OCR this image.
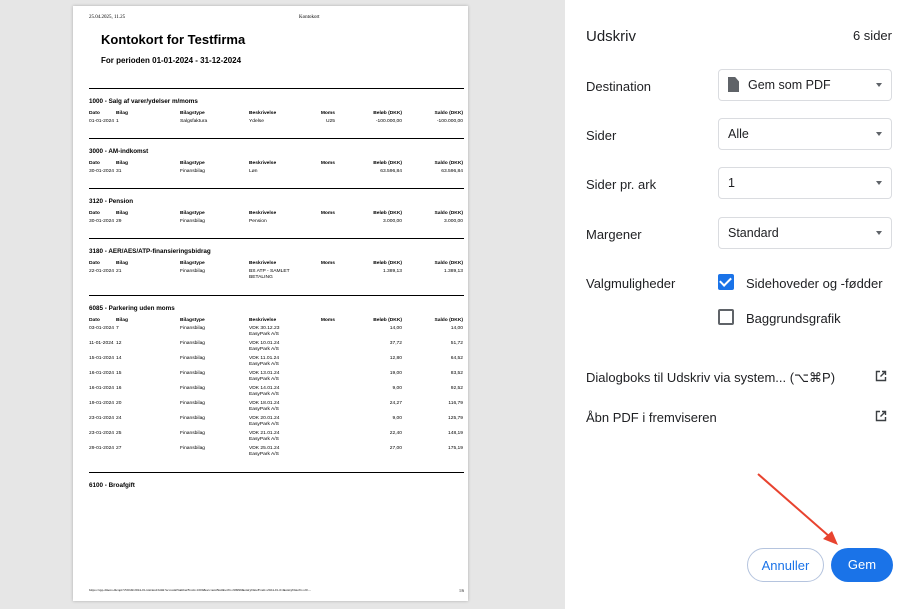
25.04.2025, 11.25	Kontokort
Kontokort for Testfirma
For perioden 01-01-2024 - 31-12-2024
1000 - Salg af varer/ydelser m/moms
Dato	Bilag	Bilagstype	Beskrivelse	Moms	Beløb (DKK)	Saldo (DKK)
01-01-2024 1	Salgsfaktura	Ydelse	U25	-100.000,00	-100.000,00
3000 - AM-indkomst
Dato	Bilag	Bilagstype	Beskrivelse	Moms	Beløb (DKK)	Saldo (DKK)
30-01-2024 31	Finansbilag	Løn	63.596,84	63.596,84
3120 - Pension
Dato	Bilag	Bilagstype	Beskrivelse	Moms	Beløb (DKK)	Saldo (DKK)
30-01-2024 29	Finansbilag	Pension	3.000,00	3.000,00
3180 - AER/AES/ATP-finansieringsbidrag
Dato	Bilag	Bilagstype	Beskrivelse	Moms	Beløb (DKK)	Saldo (DKK)
22-01-2024 21	Finansbilag	BS ATP - SAMLET
BETALING
1.389,13	1.389,13
6085 - Parkering uden moms
Dato	Bilag	Bilagstype	Beskrivelse	Moms	Beløb (DKK)	Saldo (DKK)
03-01-2024 7	Finansbilag	VDK 30.12.23
EasyPark A/S
14,00	14,00
11-01-2024 12	Finansbilag	VDK 10.01.24
EasyPark A/S
37,72	51,72
15-01-2024 14	Finansbilag	VDK 11.01.24
EasyPark A/S
12,80	64,52
16-01-2024 15	Finansbilag	VDK 13.01.24
EasyPark A/S
19,00	83,52
16-01-2024 16	Finansbilag	VDK 14.01.24
EasyPark A/S
9,00	92,52
19-01-2024 20	Finansbilag	VDK 18.01.24
EasyPark A/S
24,27	116,79
23-01-2024 24	Finansbilag	VDK 20.01.24
EasyPark A/S
9,00	125,79
23-01-2024 25	Finansbilag	VDK 21.01.24
EasyPark A/S
22,40	148,19
29-01-2024 27	Finansbilag	VDK 25.01.24
EasyPark A/S
27,00	175,19
6100 - Broafgift
https://app.dinero.dk/api/555049/2024-01/entries2/html?accountNumberFrom=1000&accountNumberTo=99999&entryDateFrom=2024-01-01&entryDateTo=20…	1/6
Udskriv	6 sider
Destination	Gem som PDF
Sider	Alle
Sider pr. ark	1
Margener	Standard
Valgmuligheder	Sidehoveder og -fødder
Baggrundsgrafik
Dialogboks til Udskriv via system... (⌥⌘P)
Åbn PDF i fremviseren
Annuller	Gem
